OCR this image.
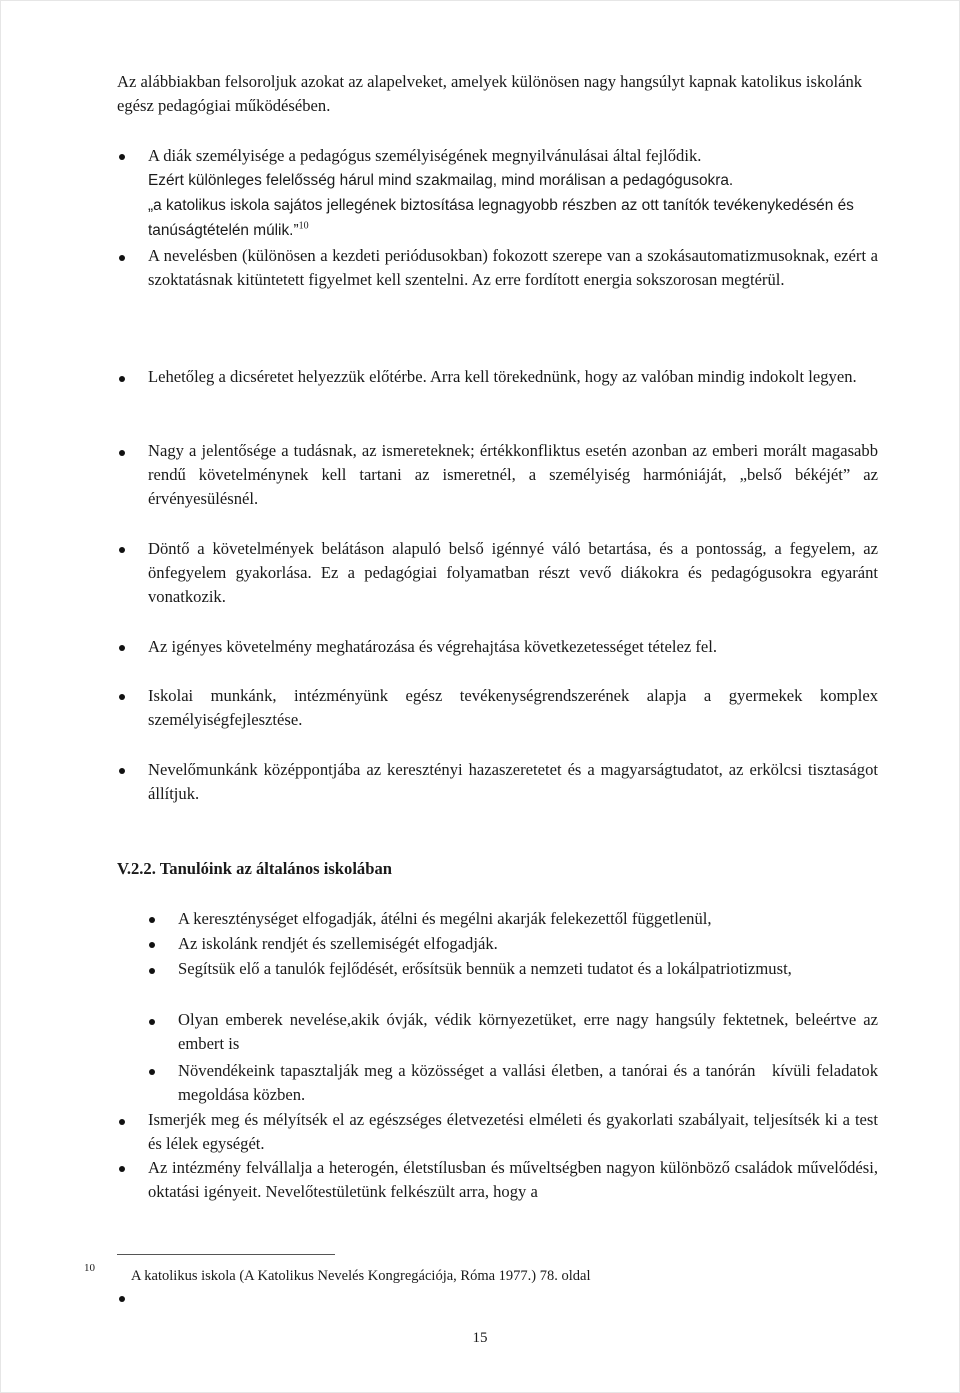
Az alábbiakban felsoroljuk azokat az alapelveket, amelyek különösen nagy hangsúlyt kapnak katolikus iskolánk egész pedagógiai működésében.

A diák személyisége a pedagógus személyiségének megnyilvánulásai által fejlődik.
Ezért különleges felelősség hárul mind szakmailag, mind morálisan a pedagógusokra.
„a katolikus iskola sajátos jellegének biztosítása legnagyobb részben az ott tanítók tevékenykedésén és tanúságtételén múlik.”$^{10}$

A nevelésben (különösen a kezdeti periódusokban) fokozott szerepe van a szokásautomatizmusoknak, ezért a szoktatásnak kitüntetett figyelmet kell szentelni. Az erre fordított energia sokszorosan megtérül.

Lehetőleg a dicséretet helyezzük előtérbe. Arra kell törekednünk, hogy az valóban mindig indokolt legyen.

Nagy a jelentősége a tudásnak, az ismereteknek; értékkonfliktus esetén azonban az emberi morált magasabb rendű követelménynek kell tartani az ismeretnél, a személyiség harmóniáját, „belső békéjét” az érvényesülésnél.

Döntő a követelmények belátáson alapuló belső igénnyé váló betartása, és a pontosság, a fegyelem, az önfegyelem gyakorlása. Ez a pedagógiai folyamatban részt vevő diákokra és pedagógusokra egyaránt vonatkozik.

Az igényes követelmény meghatározása és végrehajtása következetességet tételez fel.

Iskolai munkánk, intézményünk egész tevékenységrendszerének alapja a gyermekek komplex személyiségfejlesztése.

Nevelőmunkánk középpontjába az keresztényi hazaszeretetet és a magyarságtudatot, az erkölcsi tisztaságot állítjuk.

V.2.2. Tanulóink az általános iskolában

A kereszténységet elfogadják, átélni és megélni akarják felekezettől függetlenül,

Az iskolánk rendjét és szellemiségét elfogadják.

Segítsük elő a tanulók fejlődését, erősítsük bennük a nemzeti tudatot és a lokálpatriotizmust,

Olyan emberek nevelése,akik óvják, védik környezetüket, erre nagy hangsúly fektetnek, beleértve az embert is

Növendékeink tapasztalják meg a közösséget a vallási életben, a tanórai és a tanórán   kívüli feladatok megoldása közben.

Ismerjék meg és mélyítsék el az egészséges életvezetési elméleti és gyakorlati szabályait, teljesítsék ki a test és lélek egységét.

Az intézmény felvállalja a heterogén, életstílusban és műveltségben nagyon különböző családok művelődési, oktatási igényeit. Nevelőtestületünk felkészült arra, hogy a

10 A katolikus iskola (A Katolikus Nevelés Kongregációja, Róma 1977.) 78. oldal

15
